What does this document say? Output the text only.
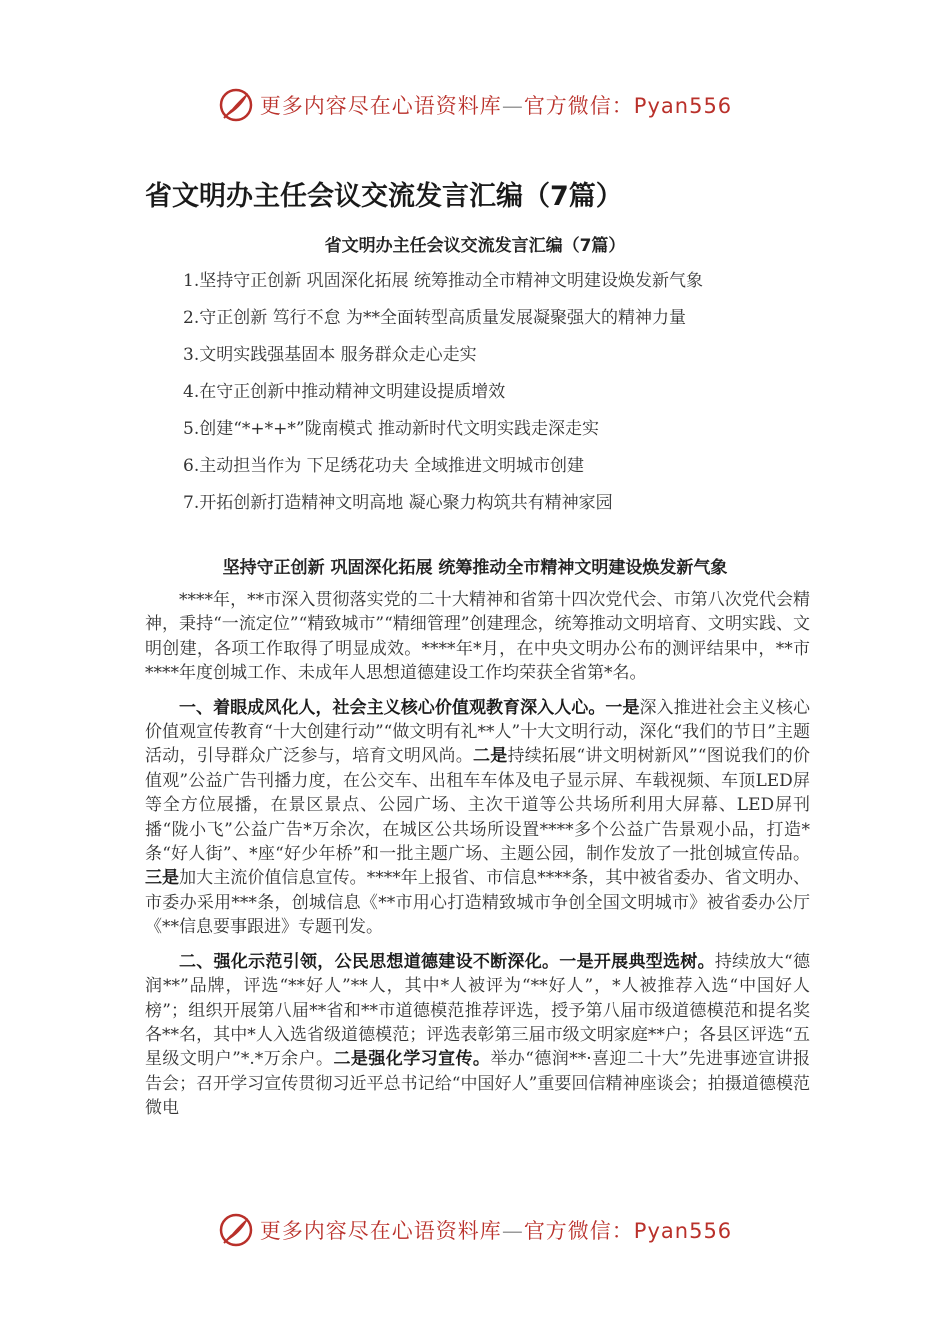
更多内容尽在心语资料库—官方微信：Pyan556
省文明办主任会议交流发言汇编（7篇）
省文明办主任会议交流发言汇编（7篇）
1.坚持守正创新 巩固深化拓展 统筹推动全市精神文明建设焕发新气象
2.守正创新 笃行不怠 为**全面转型高质量发展凝聚强大的精神力量
3.文明实践强基固本 服务群众走心走实
4.在守正创新中推动精神文明建设提质增效
5.创建“*+*+*”陇南模式 推动新时代文明实践走深走实
6.主动担当作为 下足绣花功夫 全域推进文明城市创建
7.开拓创新打造精神文明高地 凝心聚力构筑共有精神家园
坚持守正创新 巩固深化拓展 统筹推动全市精神文明建设焕发新气象

****年，**市深入贯彻落实党的二十大精神和省第十四次党代会、市第八次党代会精神，秉持“一流定位”“精致城市”“精细管理”创建理念，统筹推动文明培育、文明实践、文明创建，各项工作取得了明显成效。****年*月，在中央文明办公布的测评结果中，**市****年度创城工作、未成年人思想道德建设工作均荣获全省第*名。

一、着眼成风化人，社会主义核心价值观教育深入人心。一是深入推进社会主义核心价值观宣传教育“十大创建行动”“做文明有礼**人”十大文明行动，深化“我们的节日”主题活动，引导群众广泛参与，培育文明风尚。二是持续拓展“讲文明树新风”“图说我们的价值观”公益广告刊播力度，在公交车、出租车车体及电子显示屏、车载视频、车顶LED屏等全方位展播，在景区景点、公园广场、主次干道等公共场所利用大屏幕、LED屏刊播“陇小飞”公益广告*万余次，在城区公共场所设置****多个公益广告景观小品，打造*条“好人街”、*座“好少年桥”和一批主题广场、主题公园，制作发放了一批创城宣传品。三是加大主流价值信息宣传。****年上报省、市信息****条，其中被省委办、省文明办、市委办采用***条，创城信息《**市用心打造精致城市争创全国文明城市》被省委办公厅《**信息要事跟进》专题刊发。

二、强化示范引领，公民思想道德建设不断深化。一是开展典型选树。持续放大“德润**”品牌，评选“**好人”**人，其中*人被评为“**好人”，*人被推荐入选“中国好人榜”；组织开展第八届**省和**市道德模范推荐评选，授予第八届市级道德模范和提名奖各**名，其中*人入选省级道德模范；评选表彰第三届市级文明家庭**户；各县区评选“五星级文明户”*.*万余户。二是强化学习宣传。举办“德润**·喜迎二十大”先进事迹宣讲报告会；召开学习宣传贯彻习近平总书记给“中国好人”重要回信精神座谈会；拍摄道德模范微电

更多内容尽在心语资料库—官方微信：Pyan556
